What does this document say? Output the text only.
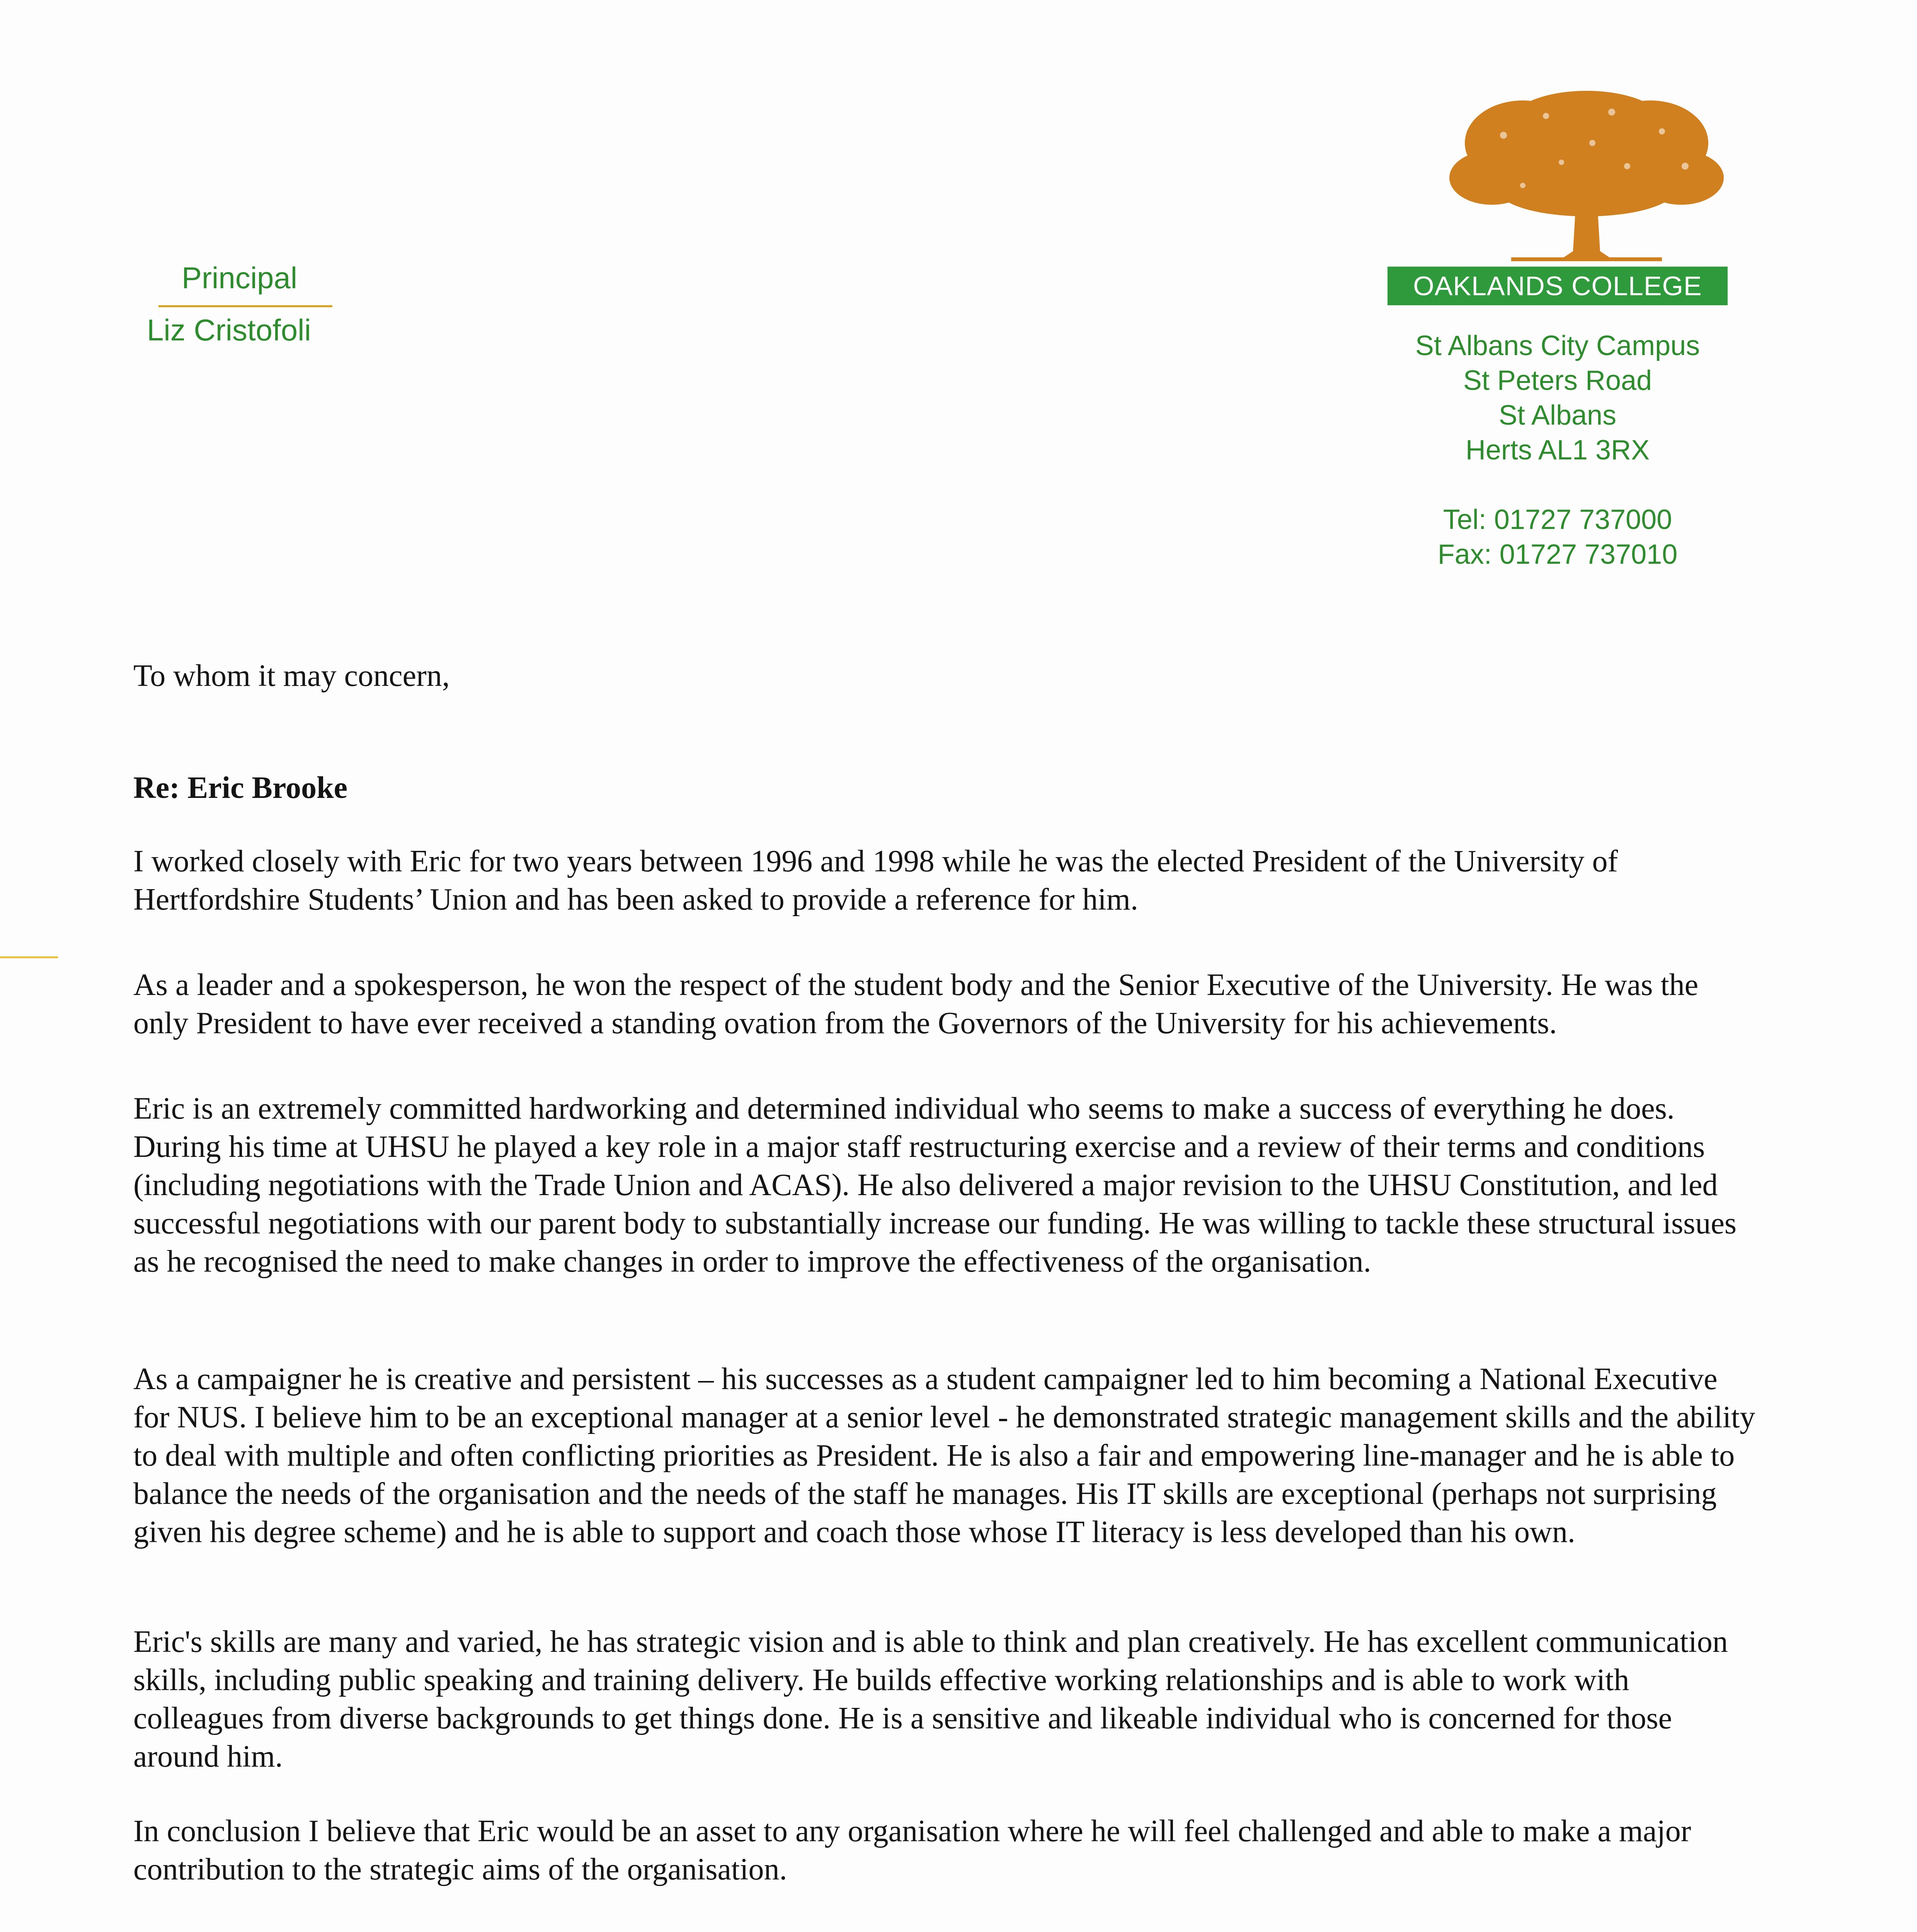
Principal
Liz Cristofoli
OAKLANDS COLLEGE
St Albans City Campus
St Peters Road
St Albans
Herts AL1 3RX
Tel: 01727 737000
Fax: 01727 737010

To whom it may concern,

Re: Eric Brooke

I worked closely with Eric for two years between 1996 and 1998 while he was the elected President of the University of Hertfordshire Students’ Union and has been asked to provide a reference for him.

As a leader and a spokesperson, he won the respect of the student body and the Senior Executive of the University. He was the only President to have ever received a standing ovation from the Governors of the University for his achievements.

Eric is an extremely committed hardworking and determined individual who seems to make a success of everything he does. During his time at UHSU he played a key role in a major staff restructuring exercise and a review of their terms and conditions (including negotiations with the Trade Union and ACAS). He also delivered a major revision to the UHSU Constitution, and led successful negotiations with our parent body to substantially increase our funding. He was willing to tackle these structural issues as he recognised the need to make changes in order to improve the effectiveness of the organisation.

As a campaigner he is creative and persistent – his successes as a student campaigner led to him becoming a National Executive for NUS. I believe him to be an exceptional manager at a senior level - he demonstrated strategic management skills and the ability to deal with multiple and often conflicting priorities as President. He is also a fair and empowering line-manager and he is able to balance the needs of the organisation and the needs of the staff he manages. His IT skills are exceptional (perhaps not surprising given his degree scheme) and he is able to support and coach those whose IT literacy is less developed than his own.

Eric's skills are many and varied, he has strategic vision and is able to think and plan creatively. He has excellent communication skills, including public speaking and training delivery. He builds effective working relationships and is able to work with colleagues from diverse backgrounds to get things done. He is a sensitive and likeable individual who is concerned for those around him.

In conclusion I believe that Eric would be an asset to any organisation where he will feel challenged and able to make a major contribution to the strategic aims of the organisation.
